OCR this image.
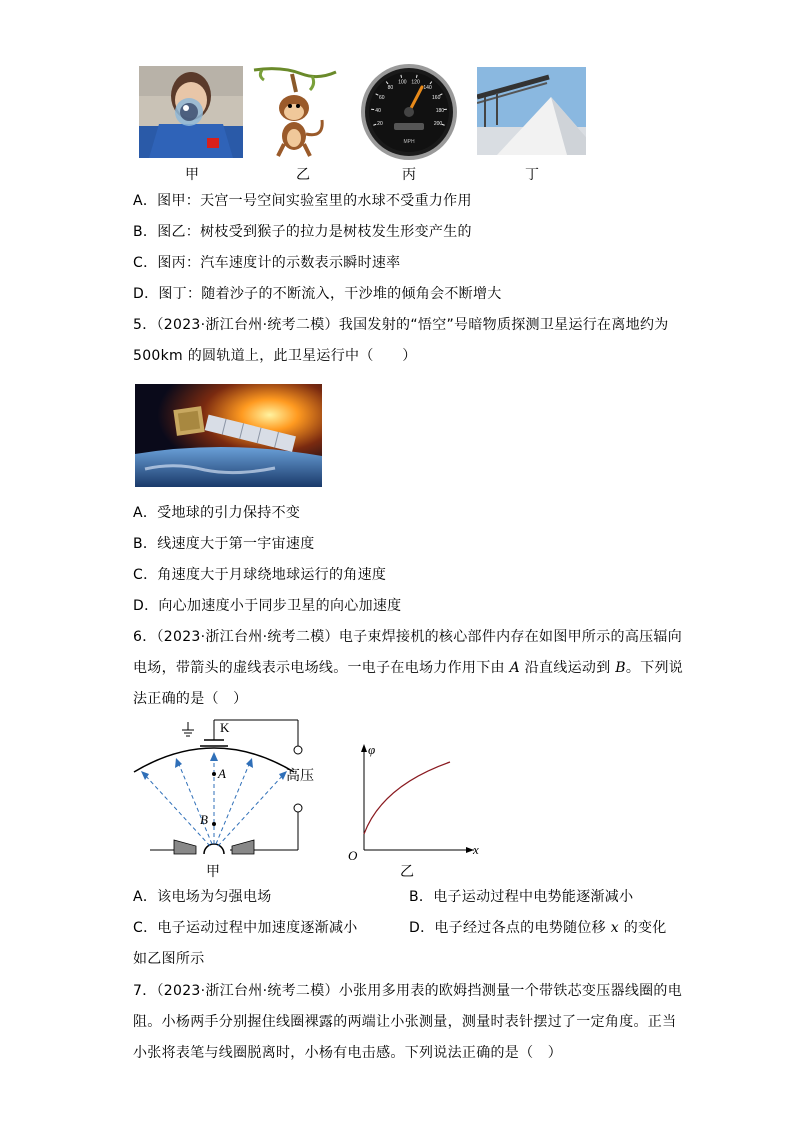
20
40
60
80
100 120
140
160
180
200
MPH
甲	乙	丙	丁
A．图甲：天宫一号空间实验室里的水球不受重力作用
B．图乙：树枝受到猴子的拉力是树枝发生形变产生的
C．图丙：汽车速度计的示数表示瞬时速率
D．图丁：随着沙子的不断流入，干沙堆的倾角会不断增大
5．（2023·浙江台州·统考二模）我国发射的“悟空”号暗物质探测卫星运行在离地约为
500km 的圆轨道上，此卫星运行中（　　）
A．受地球的引力保持不变
B．线速度大于第一宇宙速度
C．角速度大于月球绕地球运行的角速度
D．向心加速度小于同步卫星的向心加速度
6．（2023·浙江台州·统考二模）电子束焊接机的核心部件内存在如图甲所示的高压辐向
电场，带箭头的虚线表示电场线。一电子在电场力作用下由 A 沿直线运动到 B。下列说
法正确的是（　）
K
A
B
高压
甲
φ
O	x
乙
A．该电场为匀强电场	B．电子运动过程中电势能逐渐减小
C．电子运动过程中加速度逐渐减小	D．电子经过各点的电势随位移 x 的变化
如乙图所示
7．（2023·浙江台州·统考二模）小张用多用表的欧姆挡测量一个带铁芯变压器线圈的电
阻。小杨两手分别握住线圈裸露的两端让小张测量，测量时表针摆过了一定角度。正当
小张将表笔与线圈脱离时，小杨有电击感。下列说法正确的是（　）
